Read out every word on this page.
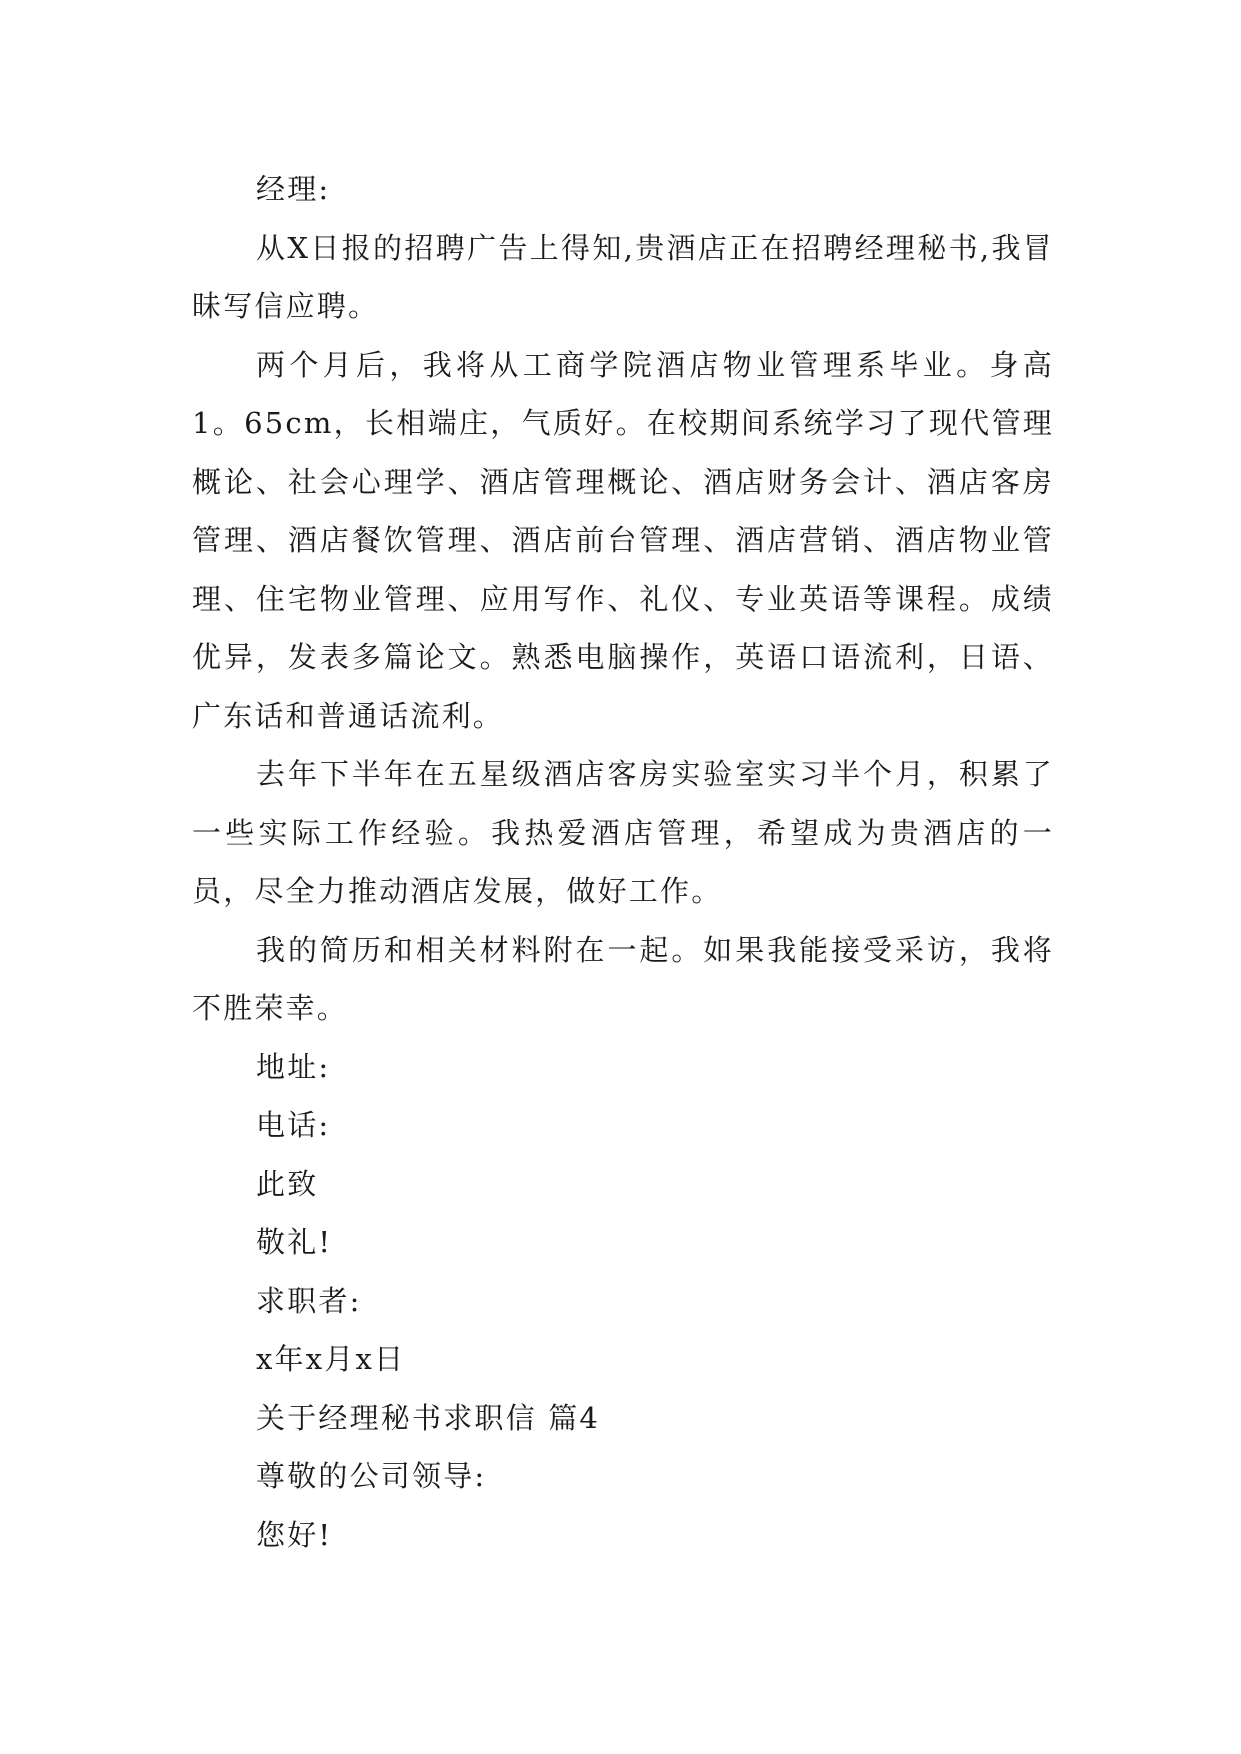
经理:

从X日报的招聘广告上得知,贵酒店正在招聘经理秘书,我冒昧写信应聘。

两个月后，我将从工商学院酒店物业管理系毕业。身高1。65cm，长相端庄，气质好。在校期间系统学习了现代管理概论、社会心理学、酒店管理概论、酒店财务会计、酒店客房管理、酒店餐饮管理、酒店前台管理、酒店营销、酒店物业管理、住宅物业管理、应用写作、礼仪、专业英语等课程。成绩优异，发表多篇论文。熟悉电脑操作，英语口语流利，日语、广东话和普通话流利。

去年下半年在五星级酒店客房实验室实习半个月，积累了一些实际工作经验。我热爱酒店管理，希望成为贵酒店的一员，尽全力推动酒店发展，做好工作。

我的简历和相关材料附在一起。如果我能接受采访，我将不胜荣幸。

地址:

电话:

此致

敬礼!

求职者:

x年x月x日

关于经理秘书求职信 篇4

尊敬的公司领导:

您好!
